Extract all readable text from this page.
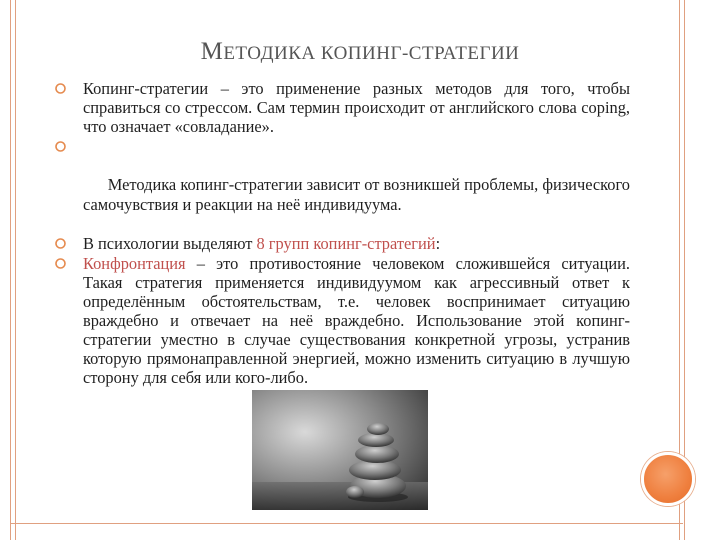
МЕТОДИКА КОПИНГ-СТРАТЕГИИ
Копинг-стратегии – это применение разных методов для того, чтобы справиться со стрессом. Сам термин происходит от английского слова coping, что означает «совладание».

Методика копинг-стратегии зависит от возникшей проблемы, физического самочувствия и реакции на неё индивидуума.

В психологии выделяют 8 групп копинг-стратегий:
Конфронтация – это противостояние человеком сложившейся ситуации. Такая стратегия применяется индивидуумом как агрессивный ответ к определённым обстоятельствам, т.е. человек воспринимает ситуацию враждебно и отвечает на неё враждебно. Использование этой копинг-стратегии уместно в случае существования конкретной угрозы, устранив которую прямонаправленной энергией, можно изменить ситуацию в лучшую сторону для себя или кого-либо.
